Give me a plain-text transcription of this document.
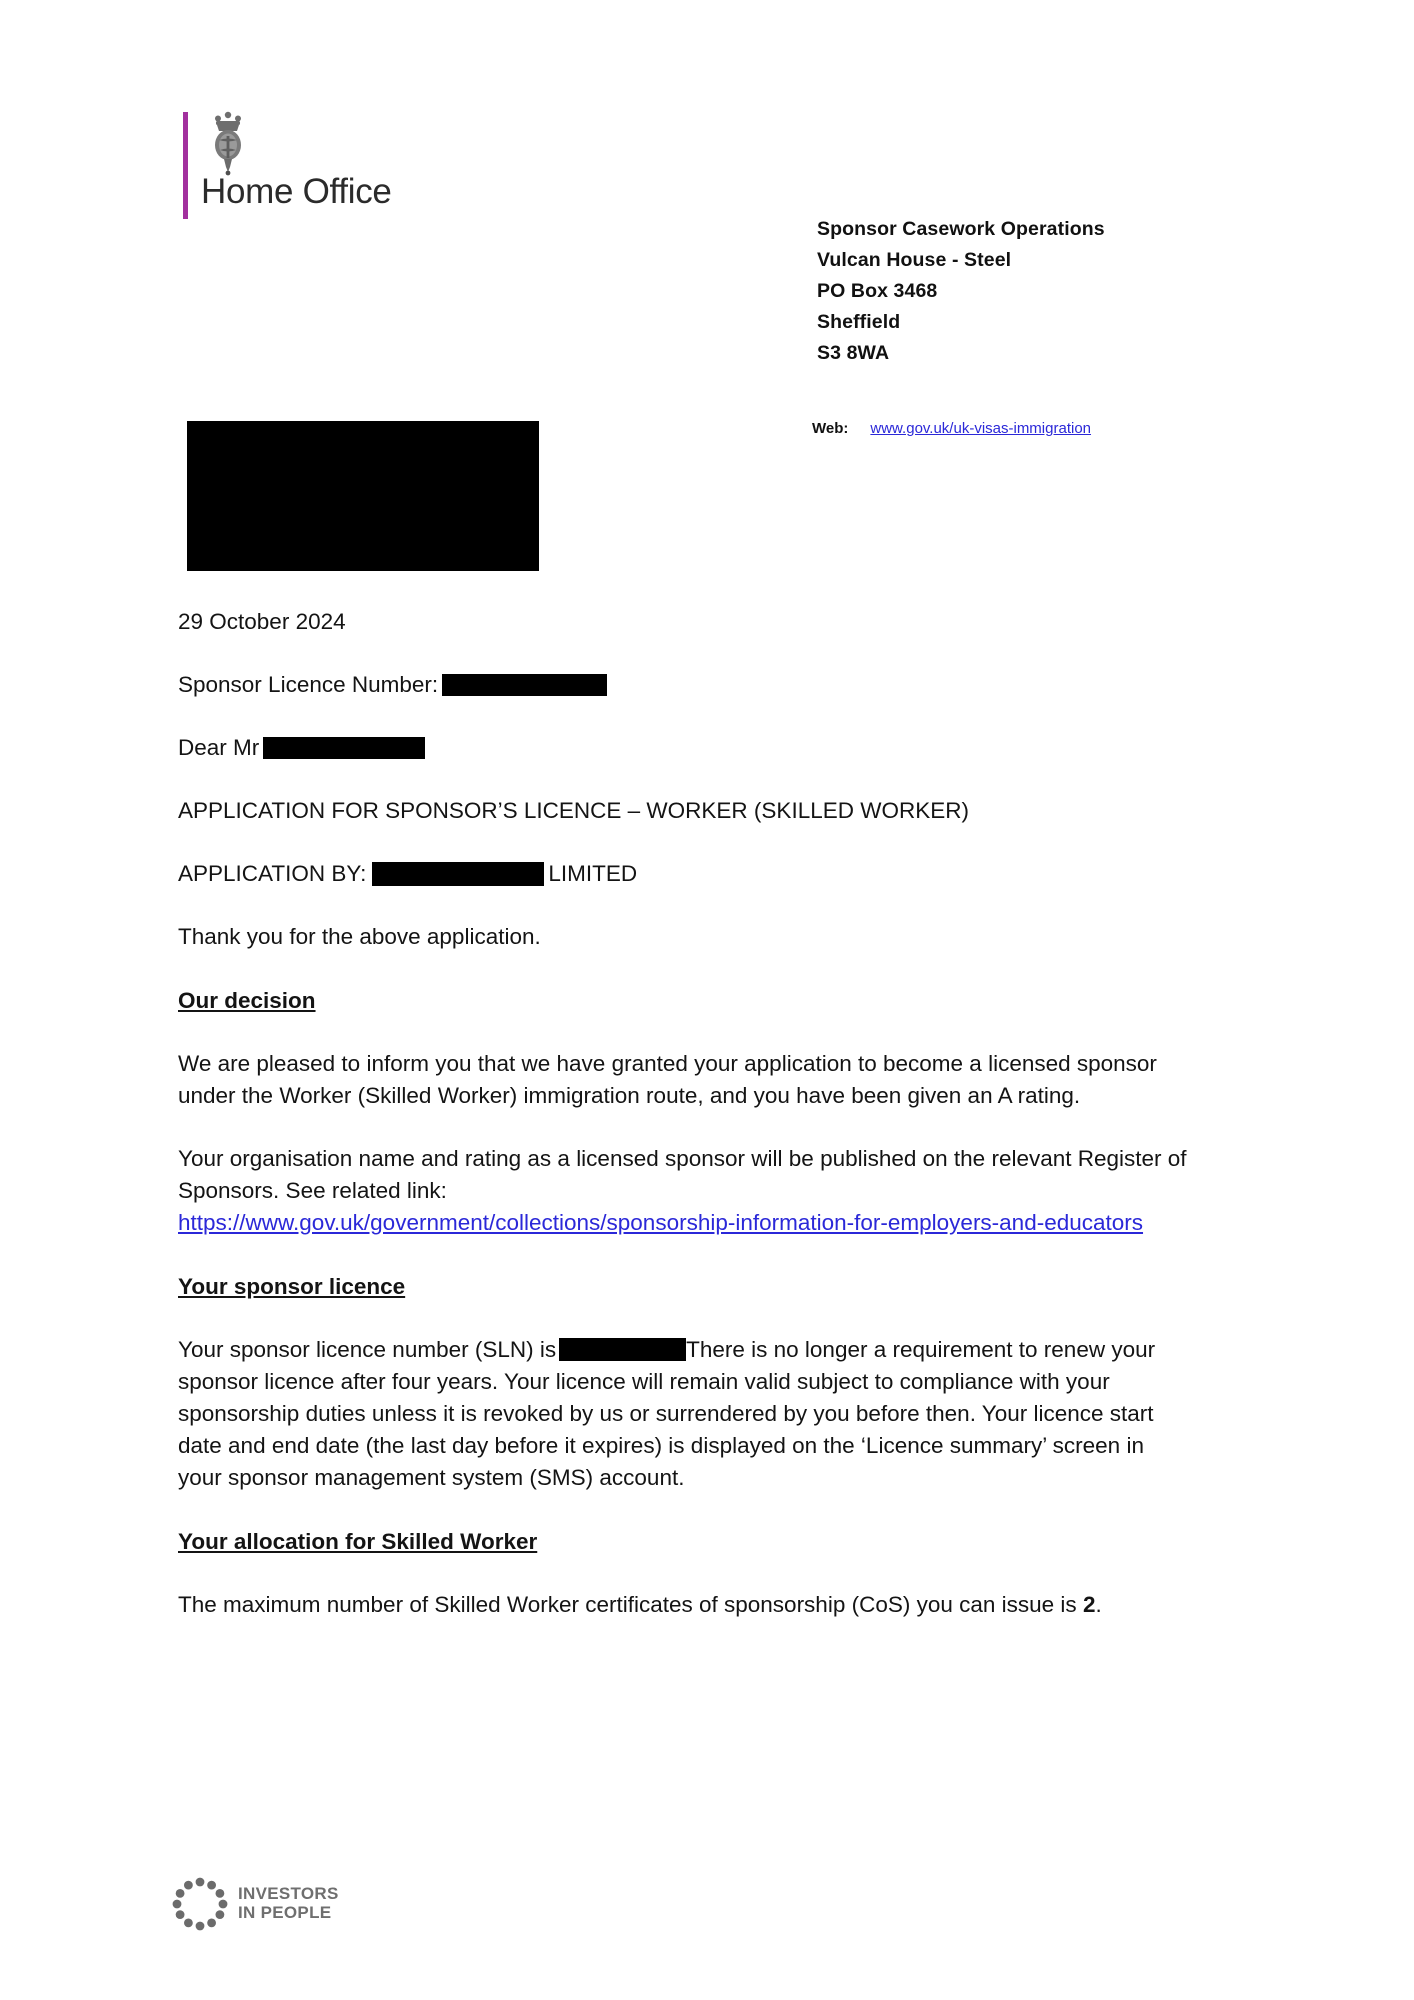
Home Office
Sponsor Casework Operations
Vulcan House - Steel
PO Box 3468
Sheffield
S3 8WA
Web: www.gov.uk/uk-visas-immigration

29 October 2024

Sponsor Licence Number:

Dear Mr

APPLICATION FOR SPONSOR’S LICENCE – WORKER (SKILLED WORKER)

APPLICATION BY:	LIMITED

Thank you for the above application.

Our decision

We are pleased to inform you that we have granted your application to become a licensed sponsor under the Worker (Skilled Worker) immigration route, and you have been given an A rating.

Your organisation name and rating as a licensed sponsor will be published on the relevant Register of Sponsors. See related link:
https://www.gov.uk/government/collections/sponsorship-information-for-employers-and-educators

Your sponsor licence

Your sponsor licence number (SLN) is	There is no longer a requirement to renew your sponsor licence after four years. Your licence will remain valid subject to compliance with your sponsorship duties unless it is revoked by us or surrendered by you before then. Your licence start date and end date (the last day before it expires) is displayed on the ‘Licence summary’ screen in your sponsor management system (SMS) account.

Your allocation for Skilled Worker

The maximum number of Skilled Worker certificates of sponsorship (CoS) you can issue is 2.

INVESTORS
IN PEOPLE
